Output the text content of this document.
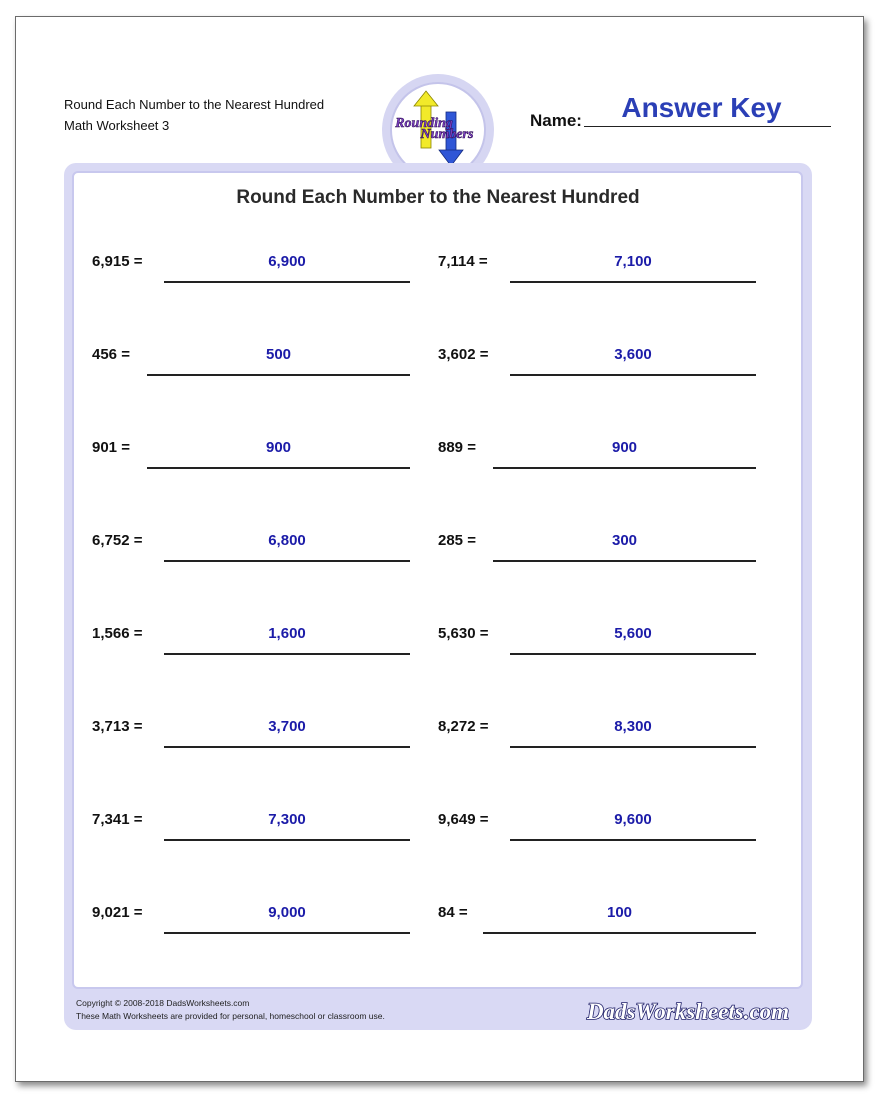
Round Each Number to the Nearest Hundred
Math Worksheet 3	Rounding
Numbers
Name:	Answer Key
Round Each Number to the Nearest Hundred
6,915 =	6,900
456 =	500
901 =	900
6,752 =	6,800
1,566 =	1,600
3,713 =	3,700
7,341 =	7,300
9,021 =	9,000
7,114 =	7,100
3,602 =	3,600
889 =	900
285 =	300
5,630 =	5,600
8,272 =	8,300
9,649 =	9,600
84 =	100
Copyright © 2008-2018 DadsWorksheets.com
These Math Worksheets are provided for personal, homeschool or classroom use.	DadsWorksheets.com
